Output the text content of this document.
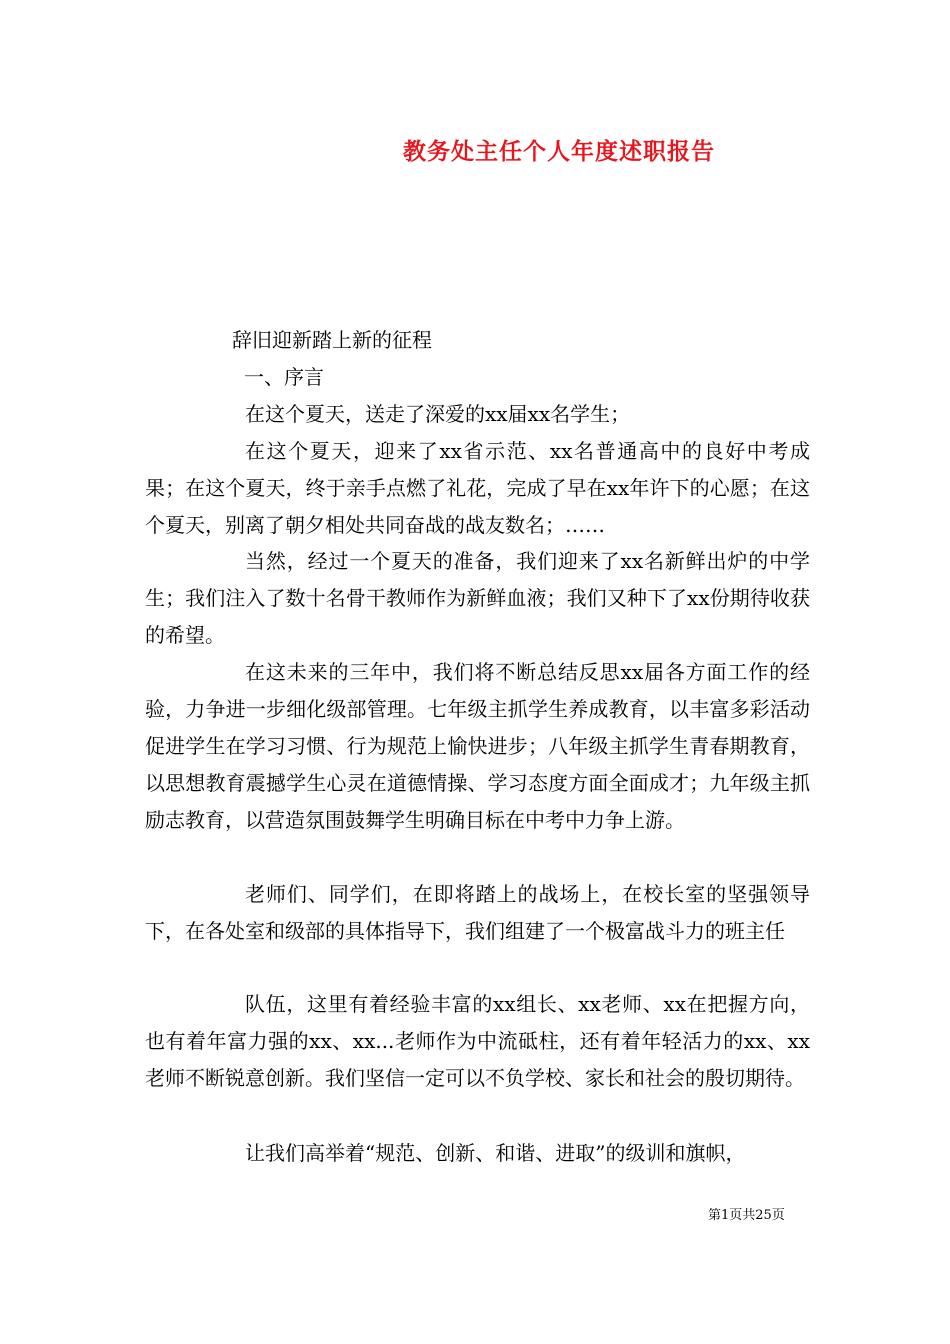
教务处主任个人年度述职报告
辞旧迎新踏上新的征程
一、序言

在这个夏天，送走了深爱的xx届xx名学生；

在这个夏天，迎来了xx省示范、xx名普通高中的良好中考成果；在这个夏天，终于亲手点燃了礼花，完成了早在xx年许下的心愿；在这个夏天，别离了朝夕相处共同奋战的战友数名；……

当然，经过一个夏天的准备，我们迎来了xx名新鲜出炉的中学生；我们注入了数十名骨干教师作为新鲜血液；我们又种下了xx份期待收获的希望。

在这未来的三年中，我们将不断总结反思xx届各方面工作的经验，力争进一步细化级部管理。七年级主抓学生养成教育，以丰富多彩活动促进学生在学习习惯、行为规范上愉快进步；八年级主抓学生青春期教育，以思想教育震撼学生心灵在道德情操、学习态度方面全面成才；九年级主抓励志教育，以营造氛围鼓舞学生明确目标在中考中力争上游。

老师们、同学们，在即将踏上的战场上，在校长室的坚强领导下，在各处室和级部的具体指导下，我们组建了一个极富战斗力的班主任

队伍，这里有着经验丰富的xx组长、xx老师、xx在把握方向，也有着年富力强的xx、xx...老师作为中流砥柱，还有着年轻活力的xx、xx老师不断锐意创新。我们坚信一定可以不负学校、家长和社会的殷切期待。

让我们高举着“规范、创新、和谐、进取”的级训和旗帜，

第1页共25页
